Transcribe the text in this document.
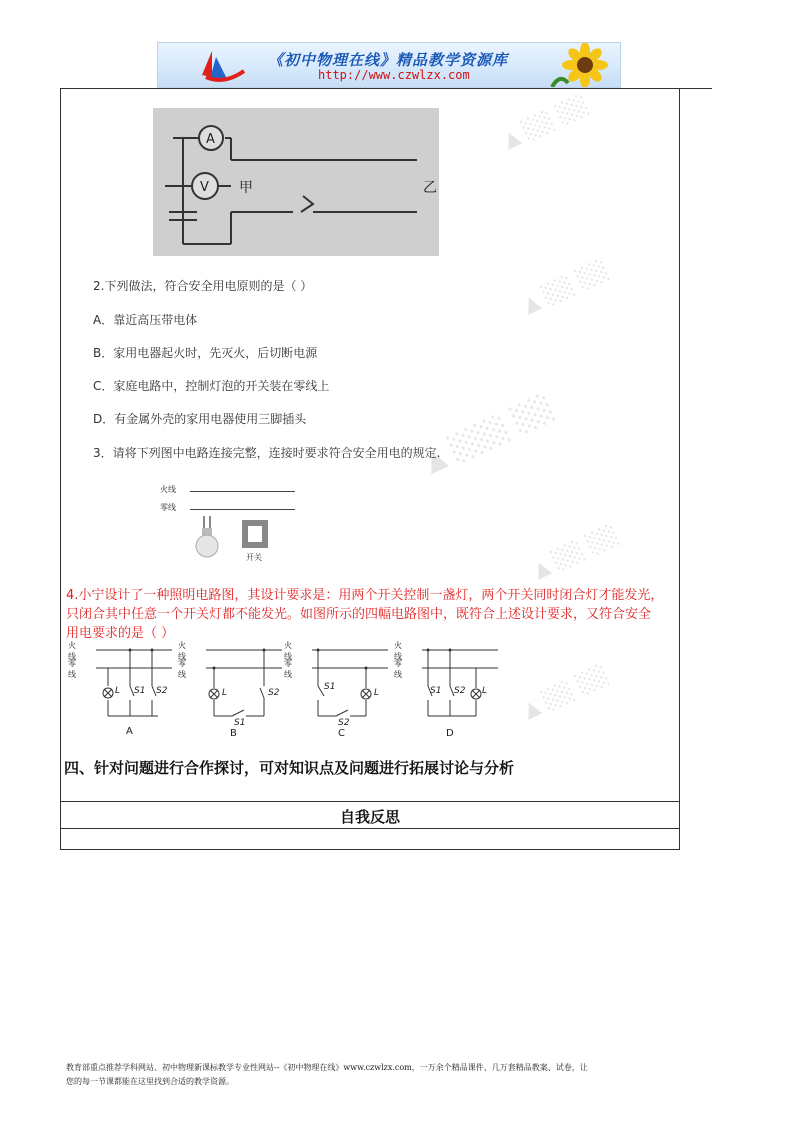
《初中物理在线》精品教学资源库
http://www.czwlzx.com
▲ ░░ ░░
▲ ░░ ░░
▲ ░░░ ░░
▲ ░░ ░░
▲ ░░ ░░
A
V 甲	乙
2.下列做法，符合安全用电原则的是（ ）
A．靠近高压带电体
B．家用电器起火时，先灭火，后切断电源
C．家庭电路中，控制灯泡的开关装在零线上
D．有金属外壳的家用电器使用三脚插头
3．请将下列图中电路连接完整，连接时要求符合安全用电的规定.
火线
零线
开关
4.小宁设计了一种照明电路图，其设计要求是：用两个开关控制一盏灯，两个开关同时闭合灯才能发光，
只闭合其中任意一个开关灯都不能发光。如图所示的四幅电路图中，既符合上述设计要求，又符合安全
用电要求的是（ ）
火线
零线
L S1 S2
A
火线
零线
L
S1
S2
B
火线
零线
S1
S2
L
C
火线
零线
S1 S2 L
D
四、针对问题进行合作探讨，可对知识点及问题进行拓展讨论与分析
自我反思
教育部重点推荐学科网站、初中物理新课标教学专业性网站--《初中物理在线》www.czwlzx.com，一万余个精品课件、几万套精品教案、试卷，让
您的每一节课都能在这里找到合适的教学资源。
